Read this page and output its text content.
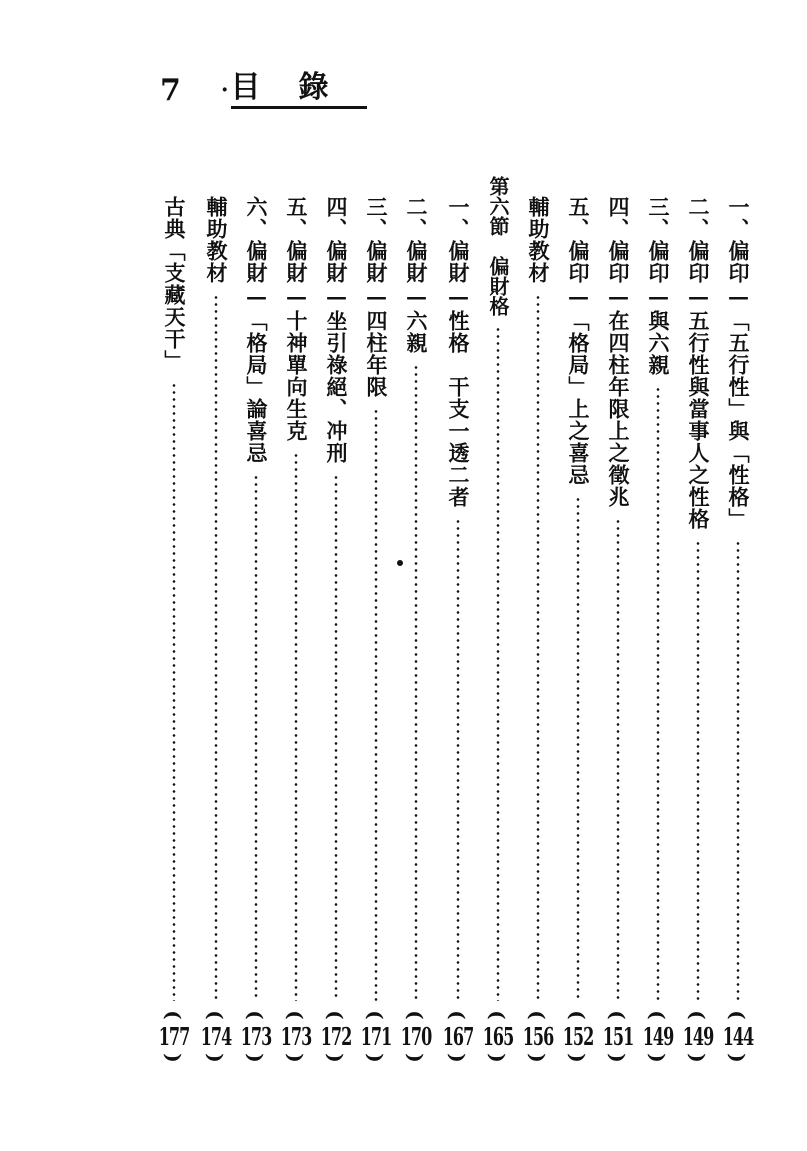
7 · 目錄
一、偏印—「五行性」與「性格」
(
144
)
二、偏印—五行性與當事人之性格
(
149
)
三、偏印—與六親
(
149
)
四、偏印—在四柱年限上之徵兆
(
151
)
五、偏印—「格局」上之喜忌
(
152
)
輔助教材
(
156
)
第六節　偏財格
(
165
)
一、偏財—性格　干支一透二者
(
167
)
二、偏財—六親
(
170
)
三、偏財—四柱年限
(
171
)
四、偏財—坐引祿絕、冲刑
(
172
)
五、偏財—十神單向生克
(
173
)
六、偏財—「格局」論喜忌
(
173
)
輔助教材
(
174
)
古典「支藏天干」
(
177
)
